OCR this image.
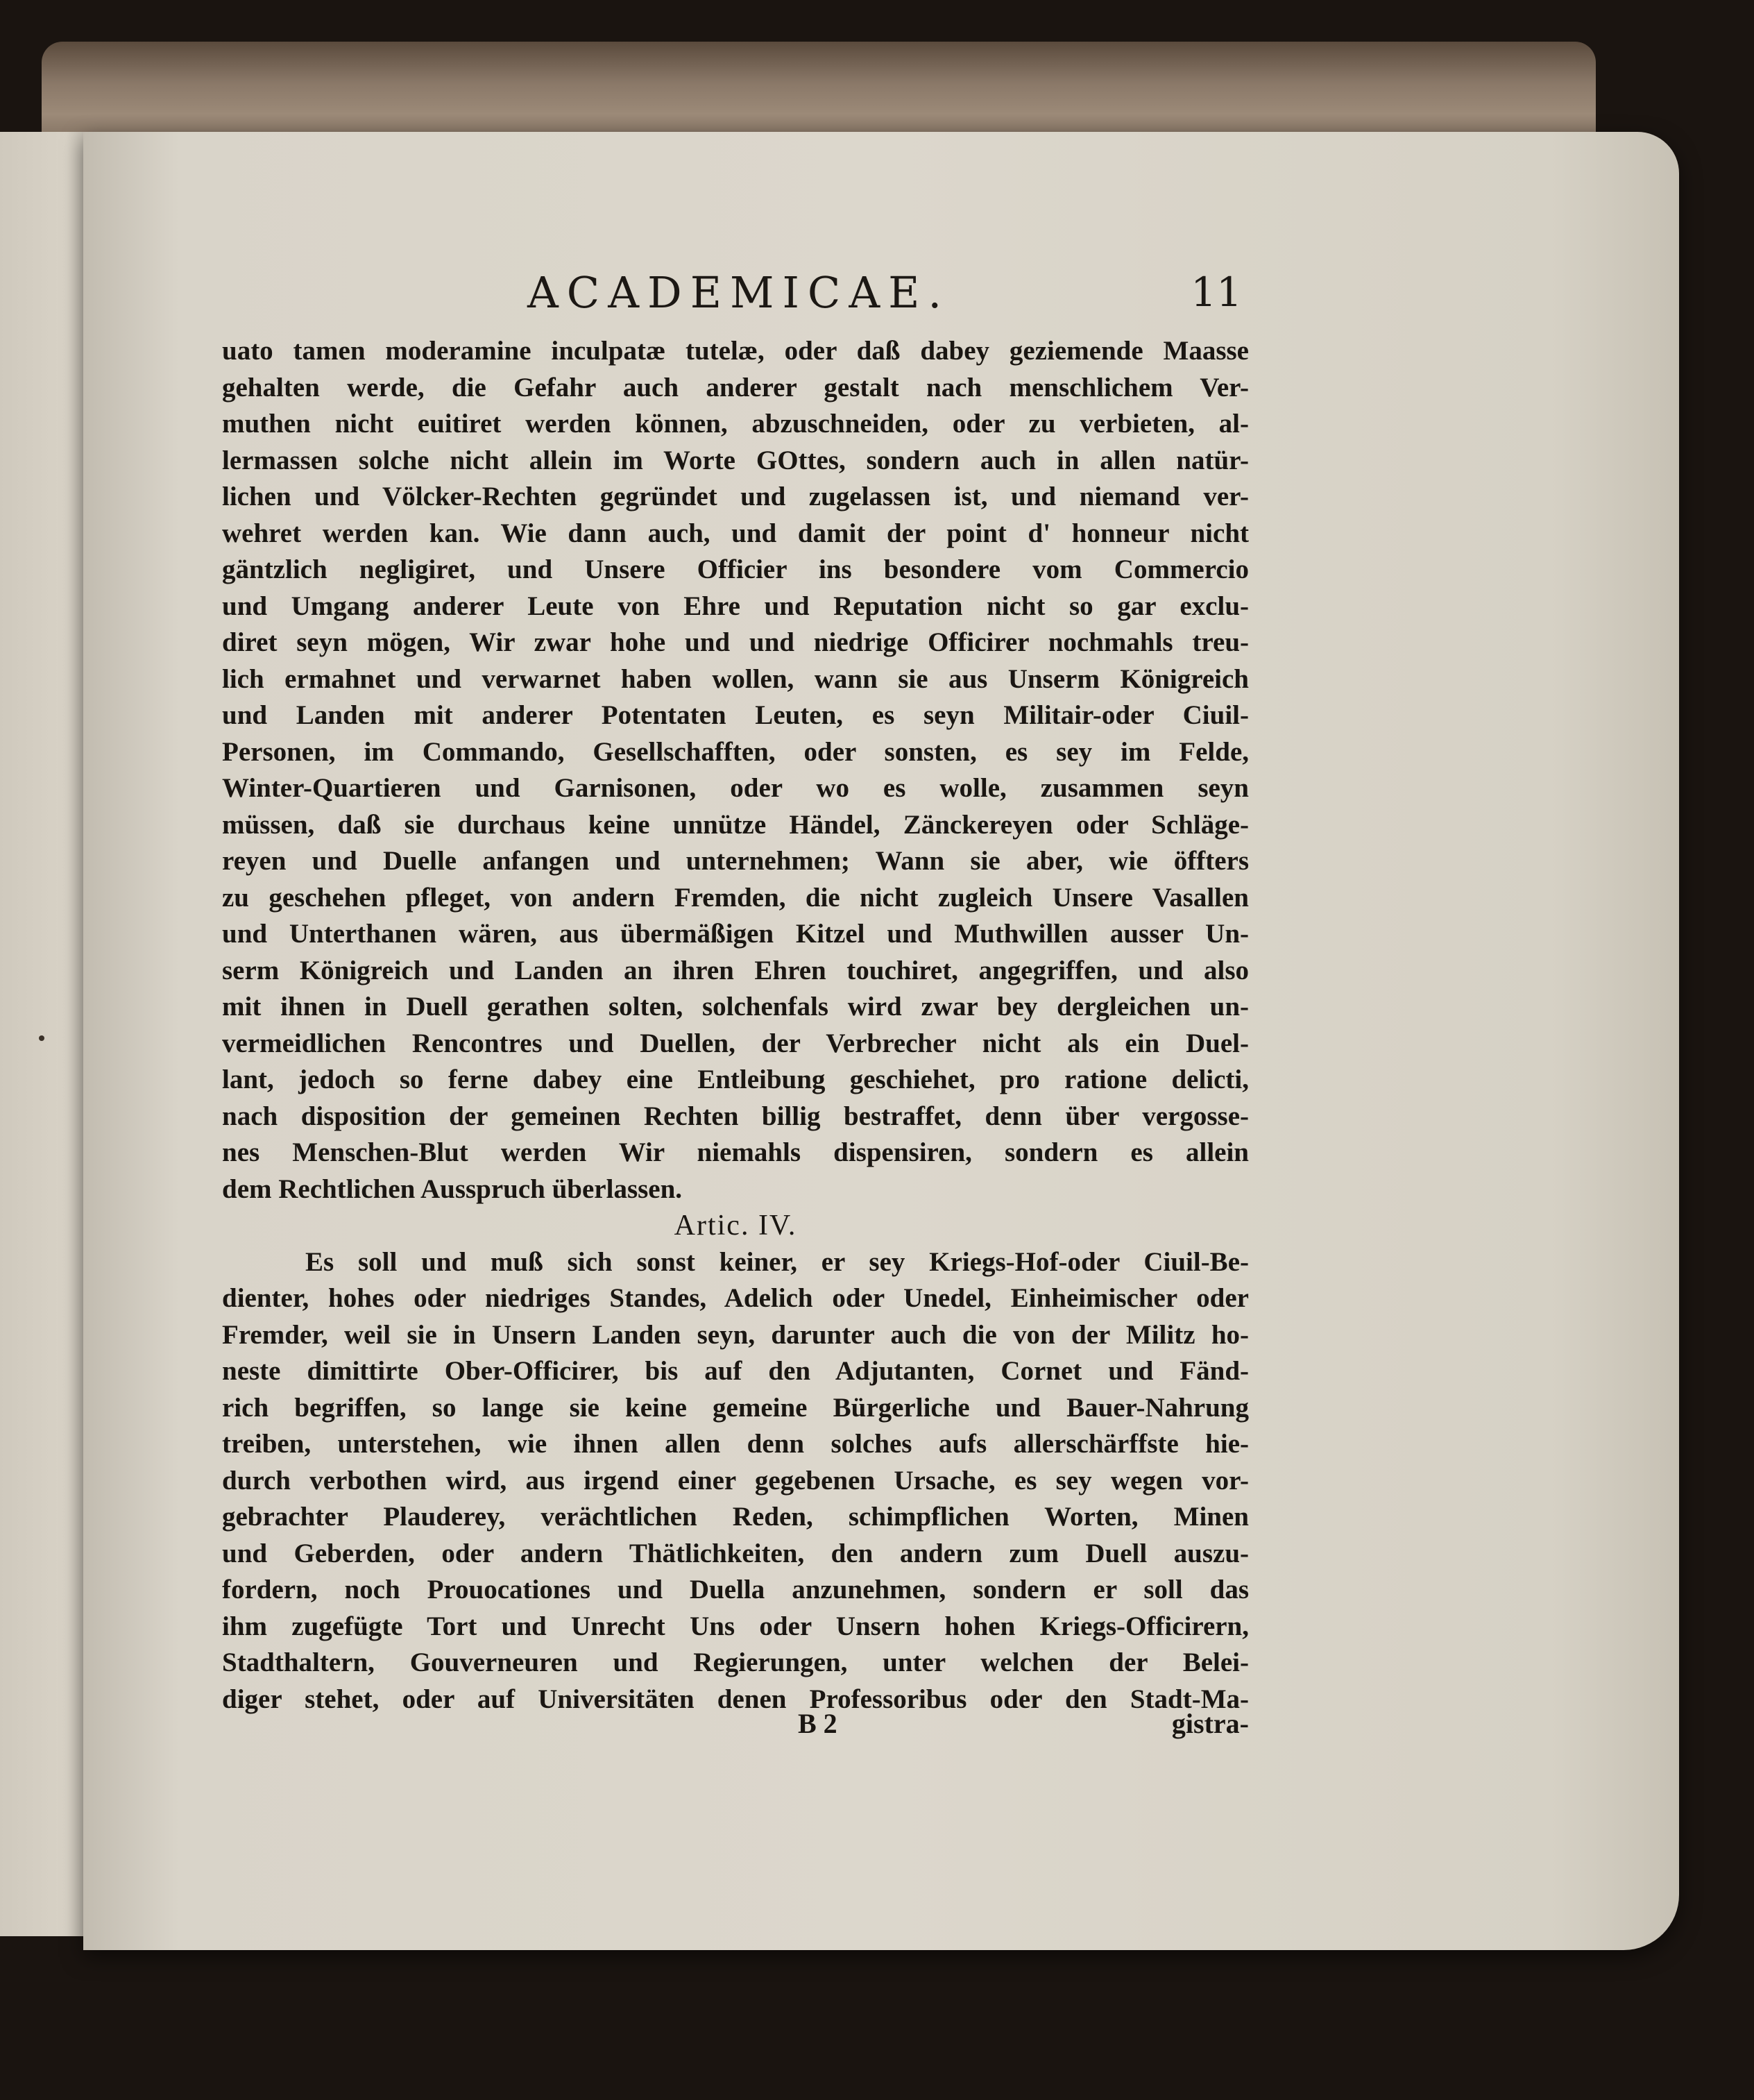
ACADEMICAE.	11
uato tamen moderamine inculpatæ tutelæ, oder daß dabey geziemende Maasse
gehalten werde, die Gefahr auch anderer gestalt nach menschlichem Ver-
muthen nicht euitiret werden können, abzuschneiden, oder zu verbieten, al-
lermassen solche nicht allein im Worte GOttes, sondern auch in allen natür-
lichen und Völcker-Rechten gegründet und zugelassen ist, und niemand ver-
wehret werden kan. Wie dann auch, und damit der point d' honneur nicht
gäntzlich negligiret, und Unsere Officier ins besondere vom Commercio
und Umgang anderer Leute von Ehre und Reputation nicht so gar exclu-
diret seyn mögen, Wir zwar hohe und und niedrige Officirer nochmahls treu-
lich ermahnet und verwarnet haben wollen, wann sie aus Unserm Königreich
und Landen mit anderer Potentaten Leuten, es seyn Militair-oder Ciuil-
Personen, im Commando, Gesellschafften, oder sonsten, es sey im Felde,
Winter-Quartieren und Garnisonen, oder wo es wolle, zusammen seyn
müssen, daß sie durchaus keine unnütze Händel, Zänckereyen oder Schläge-
reyen und Duelle anfangen und unternehmen; Wann sie aber, wie öffters
zu geschehen pfleget, von andern Fremden, die nicht zugleich Unsere Vasallen
und Unterthanen wären, aus übermäßigen Kitzel und Muthwillen ausser Un-
serm Königreich und Landen an ihren Ehren touchiret, angegriffen, und also
mit ihnen in Duell gerathen solten, solchenfals wird zwar bey dergleichen un-
vermeidlichen Rencontres und Duellen, der Verbrecher nicht als ein Duel-
lant, jedoch so ferne dabey eine Entleibung geschiehet, pro ratione delicti,
nach disposition der gemeinen Rechten billig bestraffet, denn über vergosse-
nes Menschen-Blut werden Wir niemahls dispensiren, sondern es allein
dem Rechtlichen Ausspruch überlassen.
Artic. IV.
Es soll und muß sich sonst keiner, er sey Kriegs-Hof-oder Ciuil-Be-
dienter, hohes oder niedriges Standes, Adelich oder Unedel, Einheimischer oder
Fremder, weil sie in Unsern Landen seyn, darunter auch die von der Militz ho-
neste dimittirte Ober-Officirer, bis auf den Adjutanten, Cornet und Fänd-
rich begriffen, so lange sie keine gemeine Bürgerliche und Bauer-Nahrung
treiben, unterstehen, wie ihnen allen denn solches aufs allerschärffste hie-
durch verbothen wird, aus irgend einer gegebenen Ursache, es sey wegen vor-
gebrachter Plauderey, verächtlichen Reden, schimpflichen Worten, Minen
und Geberden, oder andern Thätlichkeiten, den andern zum Duell auszu-
fordern, noch Prouocationes und Duella anzunehmen, sondern er soll das
ihm zugefügte Tort und Unrecht Uns oder Unsern hohen Kriegs-Officirern,
Stadthaltern, Gouverneuren und Regierungen, unter welchen der Belei-
diger stehet, oder auf Universitäten denen Professoribus oder den Stadt-Ma-
B 2	gistra-
